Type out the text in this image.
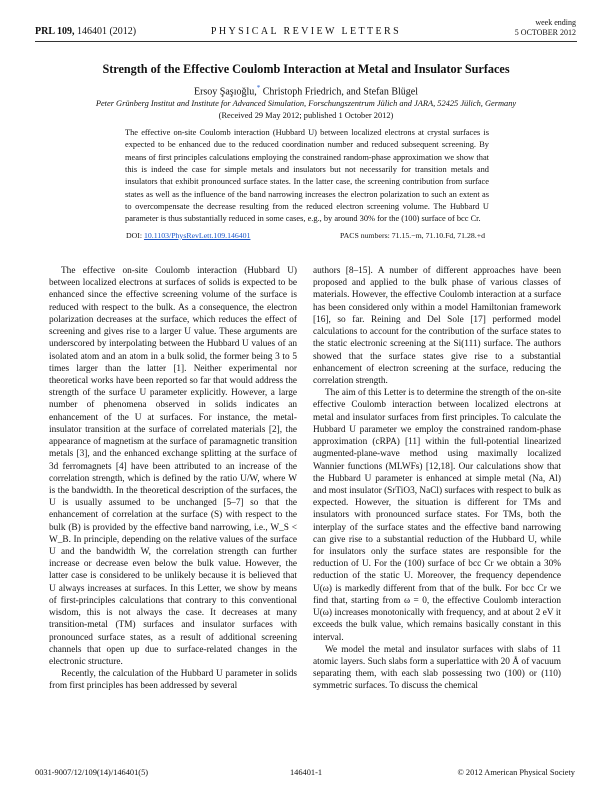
PRL 109, 146401 (2012)	PHYSICAL REVIEW LETTERS
week ending
5 OCTOBER 2012
Strength of the Effective Coulomb Interaction at Metal and Insulator Surfaces
Ersoy Şaşıoğlu,* Christoph Friedrich, and Stefan Blügel
Peter Grünberg Institut and Institute for Advanced Simulation, Forschungszentrum Jülich and JARA, 52425 Jülich, Germany
(Received 29 May 2012; published 1 October 2012)
The effective on-site Coulomb interaction (Hubbard U) between localized electrons at crystal surfaces is expected to be enhanced due to the reduced coordination number and reduced subsequent screening. By means of first principles calculations employing the constrained random-phase approximation we show that this is indeed the case for simple metals and insulators but not necessarily for transition metals and insulators that exhibit pronounced surface states. In the latter case, the screening contribution from surface states as well as the influence of the band narrowing increases the electron polarization to such an extent as to overcompensate the decrease resulting from the reduced electron screening volume. The Hubbard U parameter is thus substantially reduced in some cases, e.g., by around 30% for the (100) surface of bcc Cr.
DOI: 10.1103/PhysRevLett.109.146401	PACS numbers: 71.15.−m, 71.10.Fd, 71.28.+d

The effective on-site Coulomb interaction (Hubbard U) between localized electrons at surfaces of solids is expected to be enhanced since the effective screening volume of the surface is reduced with respect to the bulk. As a consequence, the electron polarization decreases at the surface, which reduces the effect of screening and gives rise to a larger U value. These arguments are underscored by interpolating between the Hubbard U values of an isolated atom and an atom in a bulk solid, the former being 3 to 5 times larger than the latter [1]. Neither experimental nor theoretical works have been reported so far that would address the strength of the surface U parameter explicitly. However, a large number of phenomena observed in solids indicates an enhancement of the U at surfaces. For instance, the metal-insulator transition at the surface of correlated materials [2], the appearance of magnetism at the surface of paramagnetic transition metals [3], and the enhanced exchange splitting at the surface of 3d ferromagnets [4] have been attributed to an increase of the correlation strength, which is defined by the ratio U/W, where W is the bandwidth. In the theoretical description of the surfaces, the U is usually assumed to be unchanged [5–7] so that the enhancement of correlation at the surface (S) with respect to the bulk (B) is provided by the effective band narrowing, i.e., W_S < W_B. In principle, depending on the relative values of the surface U and the bandwidth W, the correlation strength can further increase or decrease even below the bulk value. However, the latter case is considered to be unlikely because it is believed that U always increases at surfaces. In this Letter, we show by means of first-principles calculations that contrary to this conventional wisdom, this is not always the case. It decreases at many transition-metal (TM) surfaces and insulator surfaces with pronounced surface states, as a result of additional screening channels that open up due to surface-related changes in the electronic structure.

Recently, the calculation of the Hubbard U parameter in solids from first principles has been addressed by several

authors [8–15]. A number of different approaches have been proposed and applied to the bulk phase of various classes of materials. However, the effective Coulomb interaction at a surface has been considered only within a model Hamiltonian framework [16], so far. Reining and Del Sole [17] performed model calculations to account for the contribution of the surface states to the static electronic screening at the Si(111) surface. The authors showed that the surface states give rise to a substantial enhancement of electron screening at the surface, reducing the correlation strength.

The aim of this Letter is to determine the strength of the on-site effective Coulomb interaction between localized electrons at metal and insulator surfaces from first principles. To calculate the Hubbard U parameter we employ the constrained random-phase approximation (cRPA) [11] within the full-potential linearized augmented-plane-wave method using maximally localized Wannier functions (MLWFs) [12,18]. Our calculations show that the Hubbard U parameter is enhanced at simple metal (Na, Al) and most insulator (SrTiO3, NaCl) surfaces with respect to bulk as expected. However, the situation is different for TMs and insulators with pronounced surface states. For TMs, both the interplay of the surface states and the effective band narrowing can give rise to a substantial reduction of the Hubbard U, while for insulators only the surface states are responsible for the reduction of U. For the (100) surface of bcc Cr we obtain a 30% reduction of the static U. Moreover, the frequency dependence U(ω) is markedly different from that of the bulk. For bcc Cr we find that, starting from ω = 0, the effective Coulomb interaction U(ω) increases monotonically with frequency, and at about 2 eV it exceeds the bulk value, which remains basically constant in this interval.

We model the metal and insulator surfaces with slabs of 11 atomic layers. Such slabs form a superlattice with 20 Å of vacuum separating them, with each slab possessing two (100) or (110) symmetric surfaces. To discuss the chemical

0031-9007/12/109(14)/146401(5)	146401-1	© 2012 American Physical Society
